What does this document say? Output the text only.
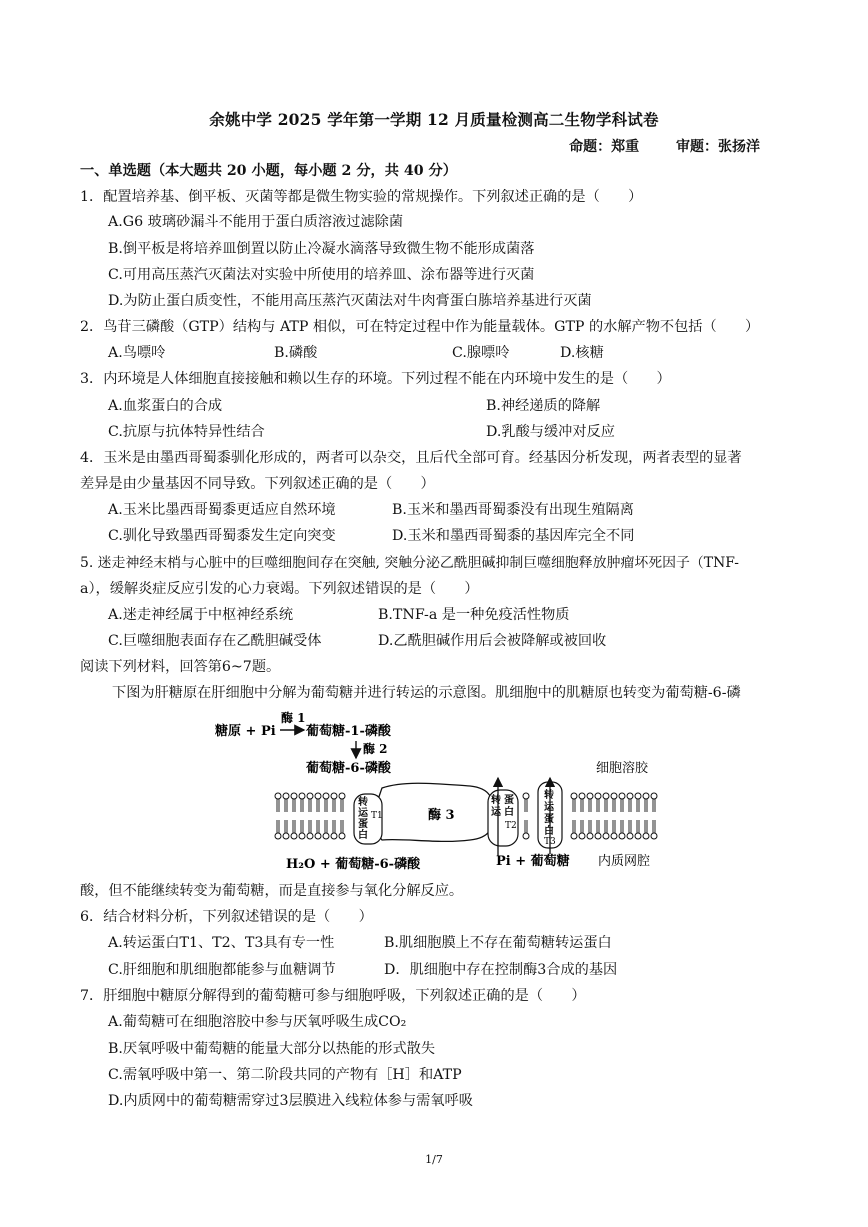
余姚中学 2025 学年第一学期 12 月质量检测高二生物学科试卷
命题：郑重	审题：张扬洋
一、单选题（本大题共 20 小题，每小题 2 分，共 40 分）
1．配置培养基、倒平板、灭菌等都是微生物实验的常规操作。下列叙述正确的是（　　）
A.G6 玻璃砂漏斗不能用于蛋白质溶液过滤除菌
B.倒平板是将培养皿倒置以防止冷凝水滴落导致微生物不能形成菌落
C.可用高压蒸汽灭菌法对实验中所使用的培养皿、涂布器等进行灭菌
D.为防止蛋白质变性，不能用高压蒸汽灭菌法对牛肉膏蛋白胨培养基进行灭菌
2．鸟苷三磷酸（GTP）结构与 ATP 相似，可在特定过程中作为能量载体。GTP 的水解产物不包括（　　）
A.鸟嘌呤	B.磷酸	C.腺嘌呤	D.核糖
3．内环境是人体细胞直接接触和赖以生存的环境。下列过程不能在内环境中发生的是（　　）
A.血浆蛋白的合成	B.神经递质的降解
C.抗原与抗体特异性结合	D.乳酸与缓冲对反应
4．玉米是由墨西哥蜀黍驯化形成的，两者可以杂交，且后代全部可育。经基因分析发现，两者表型的显著
差异是由少量基因不同导致。下列叙述正确的是（　　）
A.玉米比墨西哥蜀黍更适应自然环境	B.玉米和墨西哥蜀黍没有出现生殖隔离
C.驯化导致墨西哥蜀黍发生定向突变	D.玉米和墨西哥蜀黍的基因库完全不同
5. 迷走神经末梢与心脏中的巨噬细胞间存在突触, 突触分泌乙酰胆碱抑制巨噬细胞释放肿瘤坏死因子（TNF-
a），缓解炎症反应引发的心力衰竭。下列叙述错误的是（　　）
A.迷走神经属于中枢神经系统	B.TNF-a 是一种免疫活性物质
C.巨噬细胞表面存在乙酰胆碱受体	D.乙酰胆碱作用后会被降解或被回收
阅读下列材料，回答第6~7题。
下图为肝糖原在肝细胞中分解为葡萄糖并进行转运的示意图。肌细胞中的肌糖原也转变为葡萄糖-6-磷
糖原 + Pi
酶 1
葡萄糖-1-磷酸
酶 2
葡萄糖-6-磷酸	细胞溶胶
酶 3
转
运
蛋
白
T1
转
运
蛋
白
T2
转
运
蛋
白
T3
H₂O + 葡萄糖-6-磷酸	Pi + 葡萄糖 内质网腔
酸，但不能继续转变为葡萄糖，而是直接参与氧化分解反应。
6．结合材料分析，下列叙述错误的是（　　）
A.转运蛋白T1、T2、T3具有专一性	B.肌细胞膜上不存在葡萄糖转运蛋白
C.肝细胞和肌细胞都能参与血糖调节	D．肌细胞中存在控制酶3合成的基因
7．肝细胞中糖原分解得到的葡萄糖可参与细胞呼吸，下列叙述正确的是（　　）
A.葡萄糖可在细胞溶胶中参与厌氧呼吸生成CO₂
B.厌氧呼吸中葡萄糖的能量大部分以热能的形式散失
C.需氧呼吸中第一、第二阶段共同的产物有［H］和ATP
D.内质网中的葡萄糖需穿过3层膜进入线粒体参与需氧呼吸
1/7
